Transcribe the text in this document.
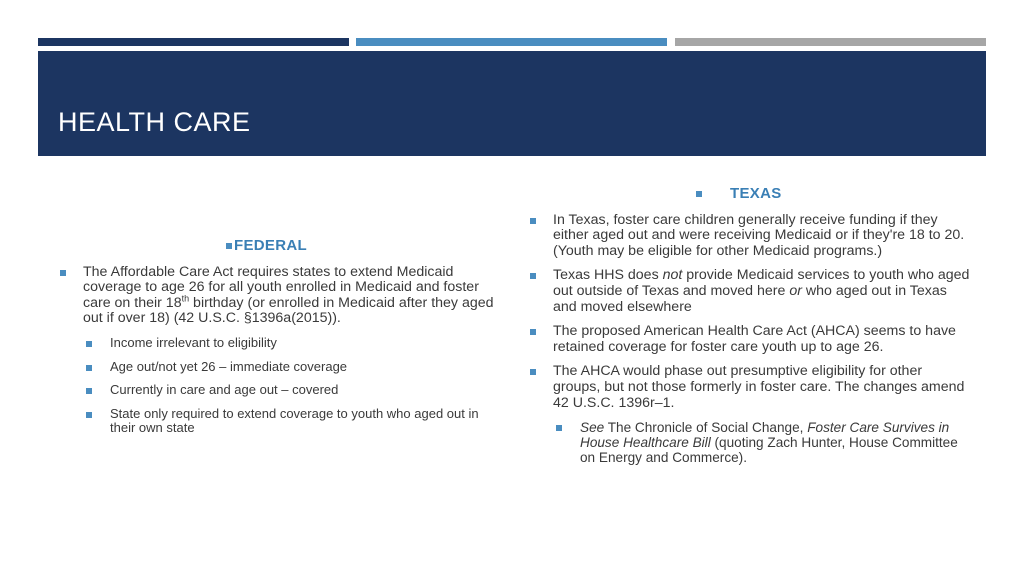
HEALTH CARE
FEDERAL
The Affordable Care Act requires states to extend Medicaid coverage to age 26 for all youth enrolled in Medicaid and foster care on their 18th birthday (or enrolled in Medicaid after they aged out if over 18) (42 U.S.C. §1396a(2015)).
Income irrelevant to eligibility
Age out/not yet 26 – immediate coverage
Currently in care and age out – covered
State only required to extend coverage to youth who aged out in their own state
TEXAS
In Texas, foster care children generally receive funding if they either aged out and were receiving Medicaid or if they're 18 to 20. (Youth may be eligible for other Medicaid programs.)
Texas HHS does not provide Medicaid services to youth who aged out outside of Texas and moved here or who aged out in Texas and moved elsewhere
The proposed American Health Care Act (AHCA) seems to have retained coverage for foster care youth up to age 26.
The AHCA would phase out presumptive eligibility for other groups, but not those formerly in foster care. The changes amend 42 U.S.C. 1396r–1.
See The Chronicle of Social Change, Foster Care Survives in House Healthcare Bill (quoting Zach Hunter, House Committee on Energy and Commerce).
